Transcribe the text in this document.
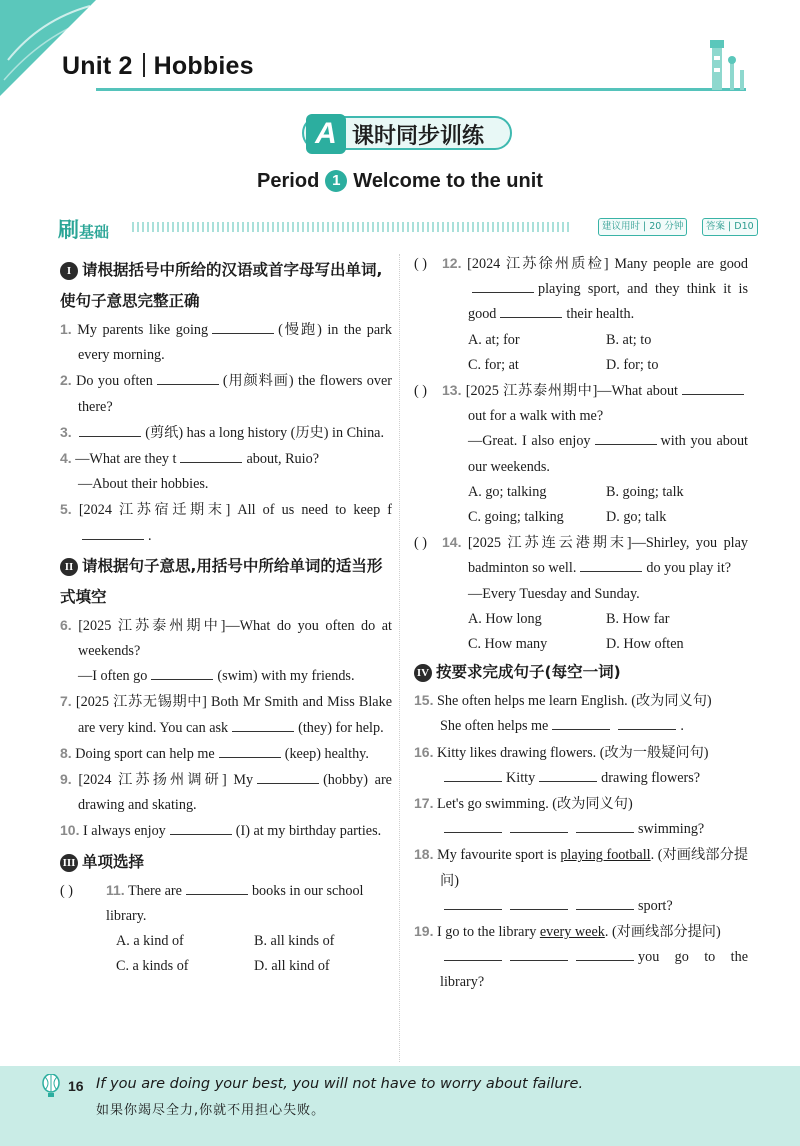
Unit 2 Hobbies
A 课时同步训练
Period 1 Welcome to the unit
刷基础	建议用时 | 20 分钟	答案 | D10
I 请根据括号中所给的汉语或首字母写出单词,使句子意思完整正确
1. My parents like going	(慢跑) in the park every morning.
2. Do you often	(用颜料画) the flowers over there?
3.	(剪纸) has a long history (历史) in China.
4. —What are they t	about, Ruio?
—About their hobbies.
5. [2024 江苏宿迁期末] All of us need to keep f.
II 请根据句子意思,用括号中所给单词的适当形式填空
6. [2025 江苏泰州期中]—What do you often do at weekends?
—I often go	(swim) with my friends.
7. [2025 江苏无锡期中] Both Mr Smith and Miss Blake are very kind. You can ask	(they) for help.
8. Doing sport can help me	(keep) healthy.
9. [2024 江苏扬州调研] My	(hobby) are drawing and skating.
10. I always enjoy	(I) at my birthday parties.
III 单项选择
( ) 11. There are	books in our school library.
A. a kind of	B. all kinds of
C. a kinds of	D. all kind of
( ) 12. [2024 江苏徐州质检] Many people are goodplaying sport, and they think it is good	their health.
A. at; for	B. at; to
C. for; at	D. for; to
( ) 13. [2025 江苏泰州期中]—What aboutout for a walk with me?
—Great. I also enjoy	with you about our weekends.
A. go; talking	B. going; talk
C. going; talking	D. go; talk
( ) 14. [2025 江苏连云港期末]—Shirley, you play badminton so well.	do you play it?
—Every Tuesday and Sunday.
A. How long	B. How far
C. How many	D. How often
IV 按要求完成句子(每空一词)
15. She often helps me learn English. (改为同义句)
She often helps me	.
16. Kitty likes drawing flowers. (改为一般疑问句)
Kitty	drawing flowers?
17. Let's go swimming. (改为同义句)
swimming?
18. My favourite sport is playing football. (对画线部分提问)
sport?
19. I go to the library every week. (对画线部分提问)
you go to the library?
16 If you are doing your best, you will not have to worry about failure.
如果你竭尽全力,你就不用担心失败。
